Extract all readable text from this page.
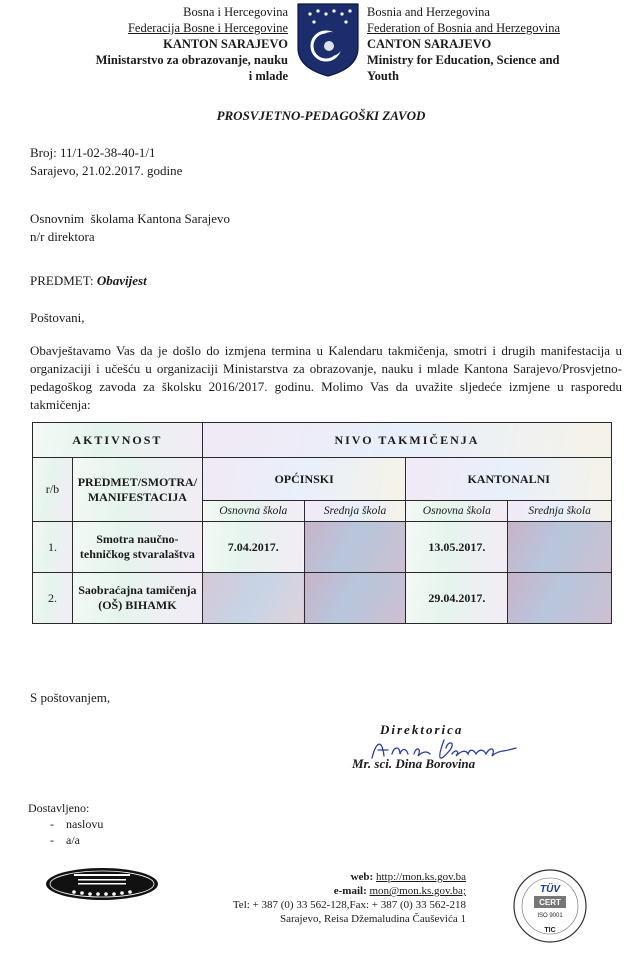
Bosna i Hercegovina
Federacija Bosne i Hercegovine
KANTON SARAJEVO
Ministarstvo za obrazovanje, nauku
i mlade
Bosnia and Herzegovina
Federation of Bosnia and Herzegovina
CANTON SARAJEVO
Ministry for Education, Science and
Youth
PROSVJETNO-PEDAGOŠKI ZAVOD
Broj: 11/1-02-38-40-1/1
Sarajevo, 21.02.2017. godine
Osnovnim  školama Kantona Sarajevo
n/r direktora
PREDMET: Obavijest
Poštovani,
Obavještavamo Vas da je došlo do izmjena termina u Kalendaru takmičenja, smotri i drugih manifestacija u organizaciji i učešću u organizaciji Ministarstva za obrazovanje, nauku i mlade Kantona Sarajevo/Prosvjetno-pedagoškog zavoda za školsku 2016/2017. godinu. Molimo Vas da uvažite sljedeće izmjene u rasporedu takmičenja:
AKTIVNOST		NIVO TAKMIČENJA			
r/b	PREDMET/SMOTRA/ MANIFESTACIJA	OPĆINSKI		KANTONALNI	
		Osnovna škola	Srednja škola	Osnovna škola	Srednja škola
1.	Smotra naučno-tehničkog stvaralaštva	7.04.2017.		13.05.2017.	
2.	Saobraćajna tamičenja (OŠ) BIHAMK			29.04.2017.	
S poštovanjem,
Direktorica
Mr. sci. Dina Borovina
Dostavljeno:
- naslovu
- a/a
web: http://mon.ks.gov.ba
e-mail: mon@mon.ks.gov.ba;
Tel: + 387 (0) 33 562-128,Fax: + 387 (0) 33 562-218
Sarajevo, Reisa Džemaludina Čauševića 1
TÜV
CERT
ISO 9001
TIC
